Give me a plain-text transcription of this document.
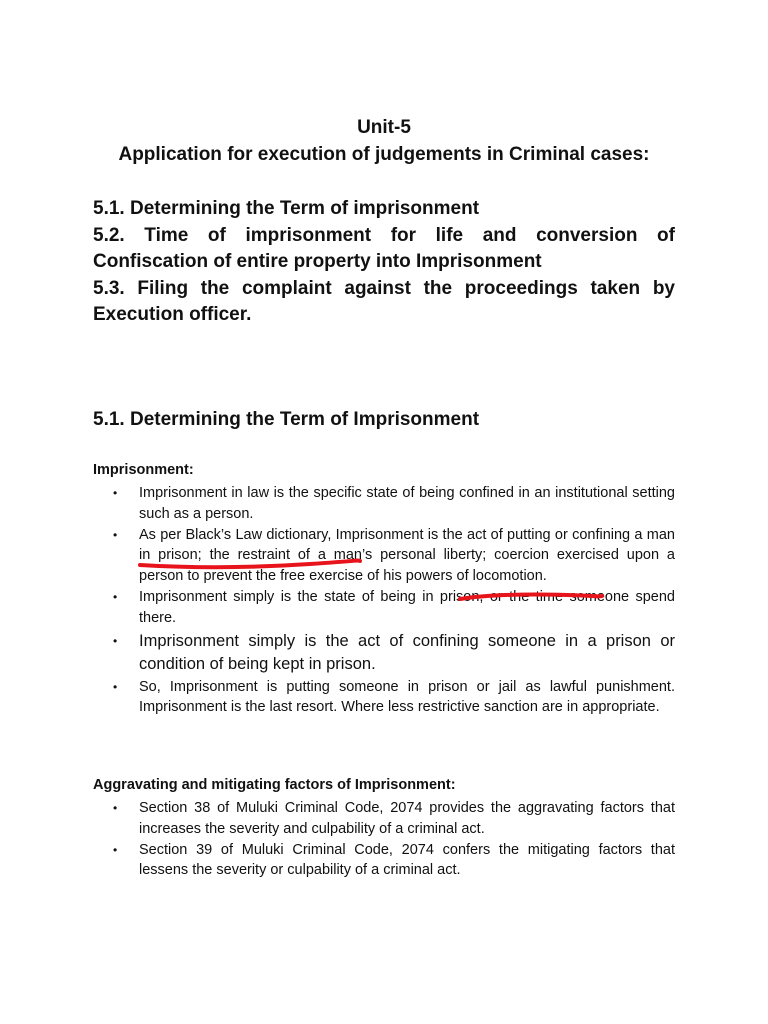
Unit-5
Application for execution of judgements in Criminal cases:
5.1. Determining the Term of imprisonment
5.2. Time of imprisonment for life and conversion of Confiscation of entire property into Imprisonment
5.3. Filing the complaint against the proceedings taken by Execution officer.
5.1. Determining the Term of Imprisonment
Imprisonment:
• Imprisonment in law is the specific state of being confined in an institutional setting such as a person.
• As per Black’s Law dictionary, Imprisonment is the act of putting or confining a man in prison; the restraint of a man’s personal liberty; coercion exercised upon a person to prevent the free exercise of his powers of locomotion.
• Imprisonment simply is the state of being in prison, or the time someone spend there.
• Imprisonment simply is the act of confining someone in a prison or condition of being kept in prison.
• So, Imprisonment is putting someone in prison or jail as lawful punishment. Imprisonment is the last resort. Where less restrictive sanction are in appropriate.
Aggravating and mitigating factors of Imprisonment:
• Section 38 of Muluki Criminal Code, 2074 provides the aggravating factors that increases the severity and culpability of a criminal act.
• Section 39 of Muluki Criminal Code, 2074 confers the mitigating factors that lessens the severity or culpability of a criminal act.
